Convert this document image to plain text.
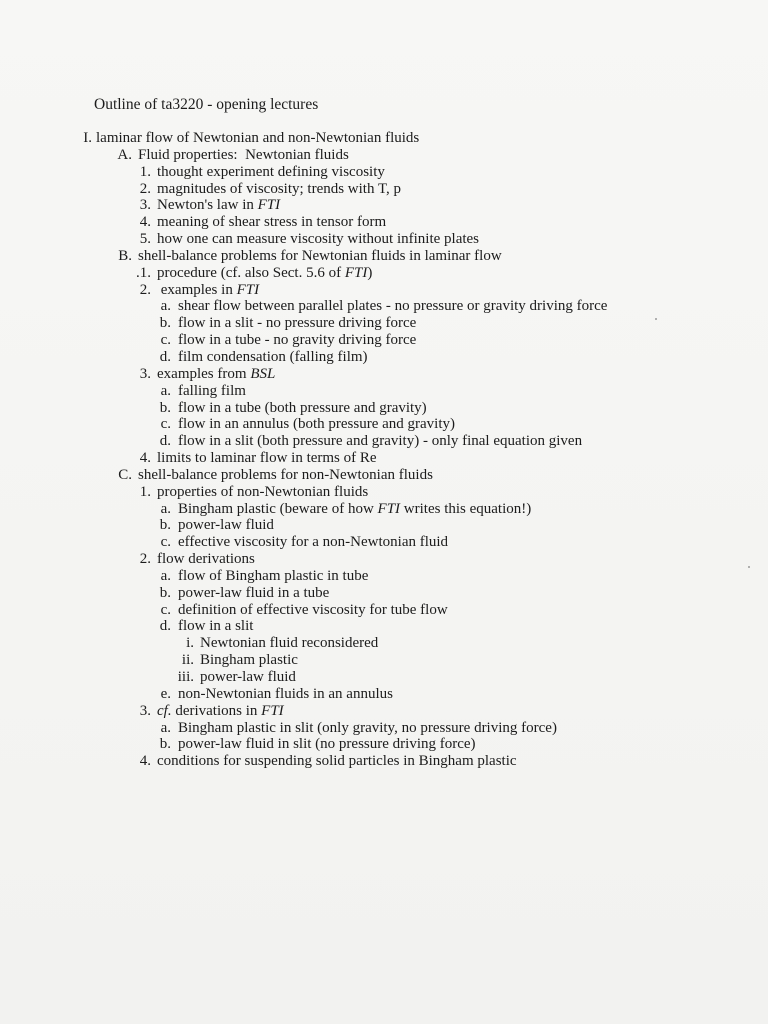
Outline of ta3220 - opening lectures
I. laminar flow of Newtonian and non-Newtonian fluids
A. Fluid properties:  Newtonian fluids
1. thought experiment defining viscosity
2. magnitudes of viscosity; trends with T, p
3. Newton's law in FTI
4. meaning of shear stress in tensor form
5. how one can measure viscosity without infinite plates
B. shell-balance problems for Newtonian fluids in laminar flow
.1. procedure (cf. also Sect. 5.6 of FTI)
2. examples in FTI
a. shear flow between parallel plates - no pressure or gravity driving force
b. flow in a slit - no pressure driving force
c. flow in a tube - no gravity driving force
d. film condensation (falling film)
3. examples from BSL
a. falling film
b. flow in a tube (both pressure and gravity)
c. flow in an annulus (both pressure and gravity)
d. flow in a slit (both pressure and gravity) - only final equation given
4. limits to laminar flow in terms of Re
C. shell-balance problems for non-Newtonian fluids
1. properties of non-Newtonian fluids
a. Bingham plastic (beware of how FTI writes this equation!)
b. power-law fluid
c. effective viscosity for a non-Newtonian fluid
2. flow derivations
a. flow of Bingham plastic in tube
b. power-law fluid in a tube
c. definition of effective viscosity for tube flow
d. flow in a slit
i. Newtonian fluid reconsidered
ii. Bingham plastic
iii. power-law fluid
e. non-Newtonian fluids in an annulus
3. cf. derivations in FTI
a. Bingham plastic in slit (only gravity, no pressure driving force)
b. power-law fluid in slit (no pressure driving force)
4. conditions for suspending solid particles in Bingham plastic
